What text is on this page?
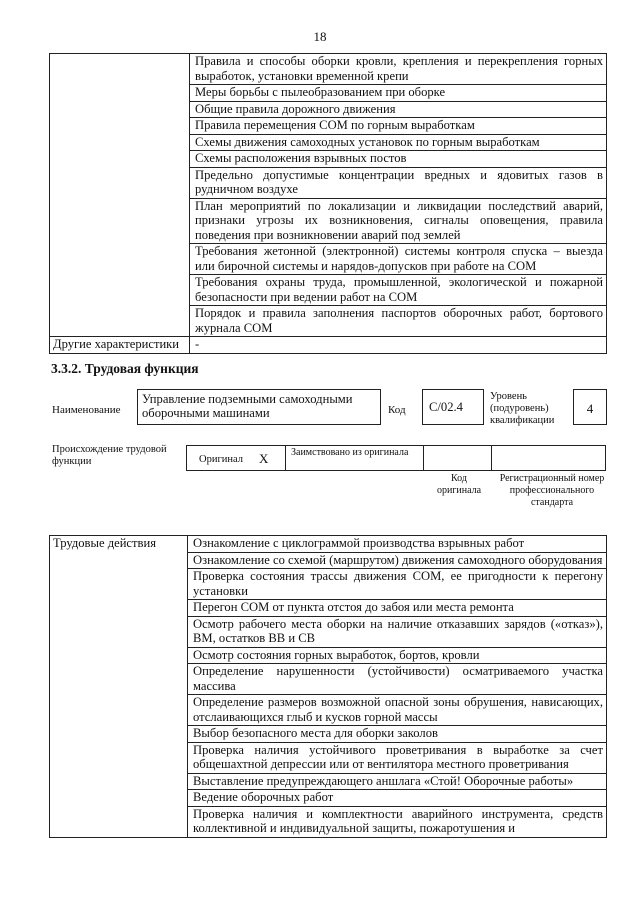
18
	Правила и способы оборки кровли, крепления и перекрепления горных выработок, установки временной крепи
	Меры борьбы с пылеобразованием при оборке
	Общие правила дорожного движения
	Правила перемещения СОМ по горным выработкам
	Схемы движения самоходных установок по горным выработкам
	Схемы расположения взрывных постов
	Предельно допустимые концентрации вредных и ядовитых газов в рудничном воздухе
	План мероприятий по локализации и ликвидации последствий аварий, признаки угрозы их возникновения, сигналы оповещения, правила поведения при возникновении аварий под землей
	Требования жетонной (электронной) системы контроля спуска – выезда или бирочной системы и нарядов-допусков при работе на СОМ
	Требования охраны труда, промышленной, экологической и пожарной безопасности при ведении работ на СОМ
	Порядок и правила заполнения паспортов оборочных работ, бортового журнала СОМ
Другие характеристики	-
3.3.2. Трудовая функция
Наименование
Управление подземными самоходными оборочными машинами	Код	C/02.4
Уровень (подуровень) квалификации
4
Происхождение трудовой функции	Оригинал X Заимствовано из оригинала
Код оригинала
Регистрационный номер профессионального стандарта
Трудовые действия	Ознакомление с циклограммой производства взрывных работ
Ознакомление со схемой (маршрутом) движения самоходного оборудования
Проверка состояния трассы движения СОМ, ее пригодности к перегону установки
Перегон СОМ от пункта отстоя до забоя или места ремонта
Осмотр рабочего места оборки на наличие отказавших зарядов («отказ»), ВМ, остатков ВВ и СВ
Осмотр состояния горных выработок, бортов, кровли
Определение нарушенности (устойчивости) осматриваемого участка массива
Определение размеров возможной опасной зоны обрушения, нависающих, отслаивающихся глыб и кусков горной массы
Выбор безопасного места для оборки заколов
Проверка наличия устойчивого проветривания в выработке за счет общешахтной депрессии или от вентилятора местного проветривания
Выставление предупреждающего аншлага «Стой! Оборочные работы»
Ведение оборочных работ
Проверка наличия и комплектности аварийного инструмента, средств коллективной и индивидуальной защиты, пожаротушения и
